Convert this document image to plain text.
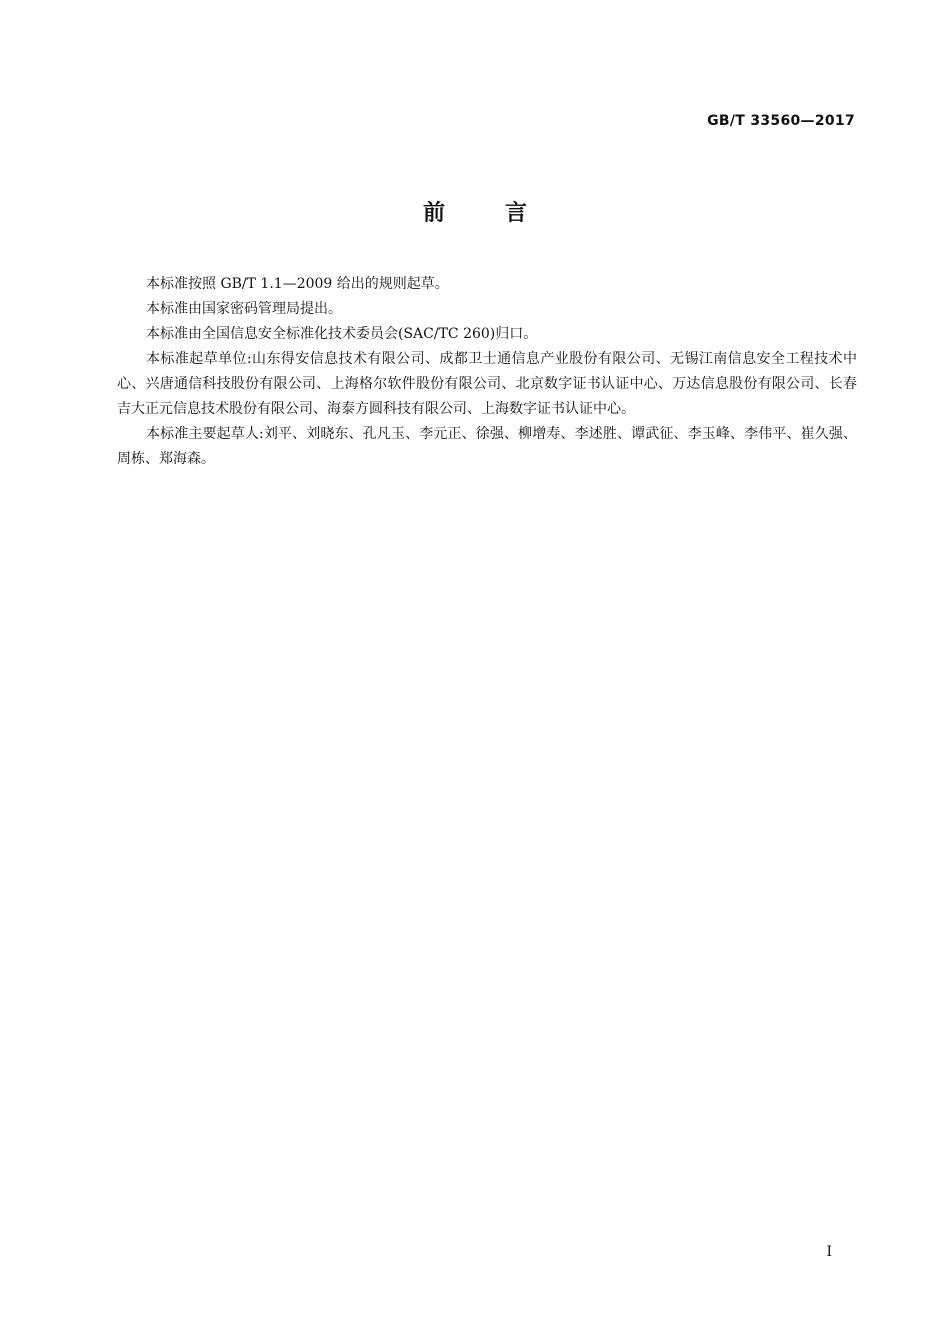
GB/T 33560—2017
前言

本标准按照 GB/T 1.1—2009 给出的规则起草。

本标准由国家密码管理局提出。

本标准由全国信息安全标准化技术委员会(SAC/TC 260)归口。

本标准起草单位:山东得安信息技术有限公司、成都卫士通信息产业股份有限公司、无锡江南信息安全工程技术中心、兴唐通信科技股份有限公司、上海格尔软件股份有限公司、北京数字证书认证中心、万达信息股份有限公司、长春吉大正元信息技术股份有限公司、海泰方圆科技有限公司、上海数字证书认证中心。

本标准主要起草人:刘平、刘晓东、孔凡玉、李元正、徐强、柳增寿、李述胜、谭武征、李玉峰、李伟平、崔久强、周栋、郑海森。

I
